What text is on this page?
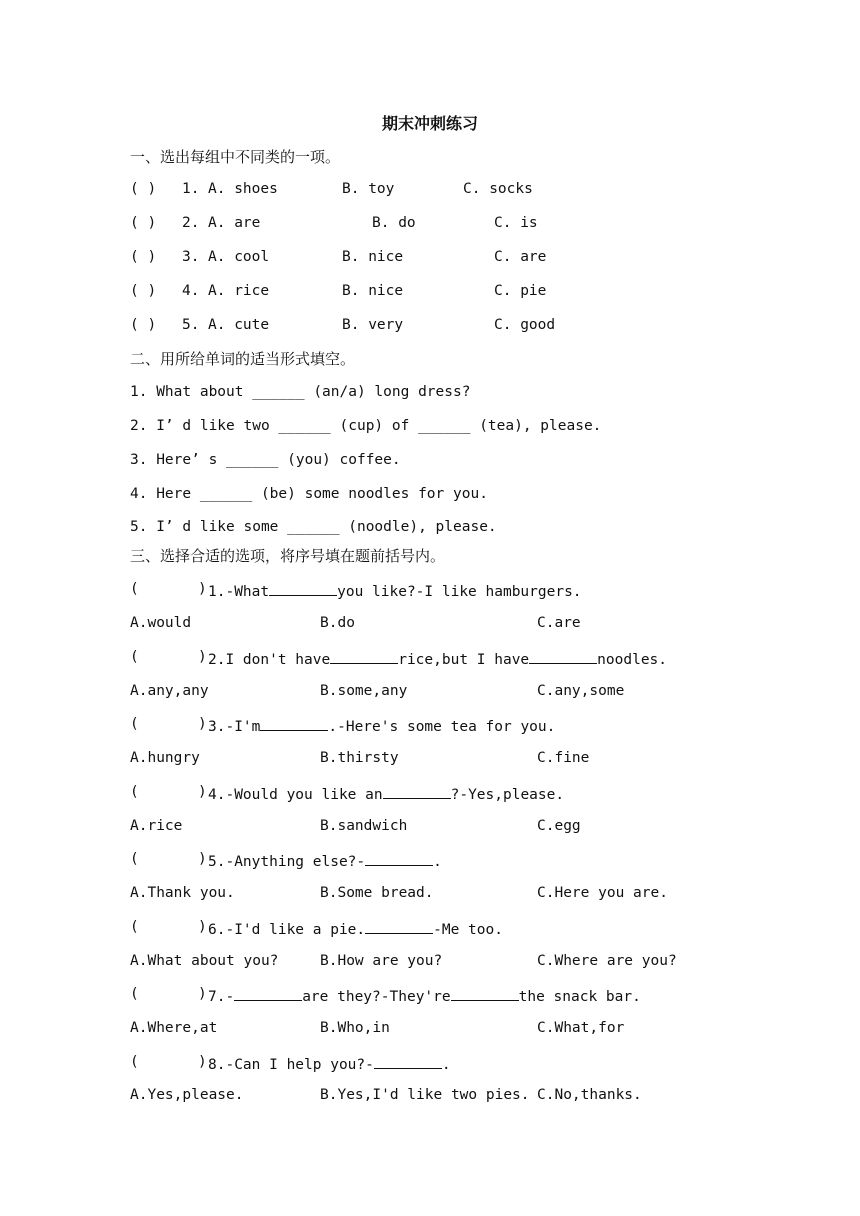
期末冲刺练习
一、选出每组中不同类的一项。
( ) 1. A. shoes	B. toy	C. socks
( ) 2. A. are	B. do	C. is
( ) 3. A. cool	B. nice	C. are
( ) 4. A. rice	B. nice	C. pie
( ) 5. A. cute	B. very	C. good
二、用所给单词的适当形式填空。
1. What about ______ (an/a) long dress?
2. I’ d like two ______ (cup) of ______ (tea), please.
3. Here’ s ______ (you) coffee.
4. Here ______ (be) some noodles for you.
5. I’ d like some ______ (noodle), please.
三、选择合适的选项，将序号填在题前括号内。
(	) 1.-What	you like?-I like hamburgers.
A.would	B.do	C.are
(	) 2.I don't have	rice,but I have	noodles.
A.any,any	B.some,any	C.any,some
(	) 3.-I'm	.-Here's some tea for you.
A.hungry	B.thirsty	C.fine
(	) 4.-Would you like an	?-Yes,please.
A.rice	B.sandwich	C.egg
(	) 5.-Anything else?-	.
A.Thank you.	B.Some bread.	C.Here you are.
(	) 6.-I'd like a pie.	-Me too.
A.What about you?	B.How are you?	C.Where are you?
(	) 7.-	are they?-They're	the snack bar.
A.Where,at	B.Who,in	C.What,for
(	) 8.-Can I help you?-	.
A.Yes,please.	B.Yes,I'd like two pies. C.No,thanks.
